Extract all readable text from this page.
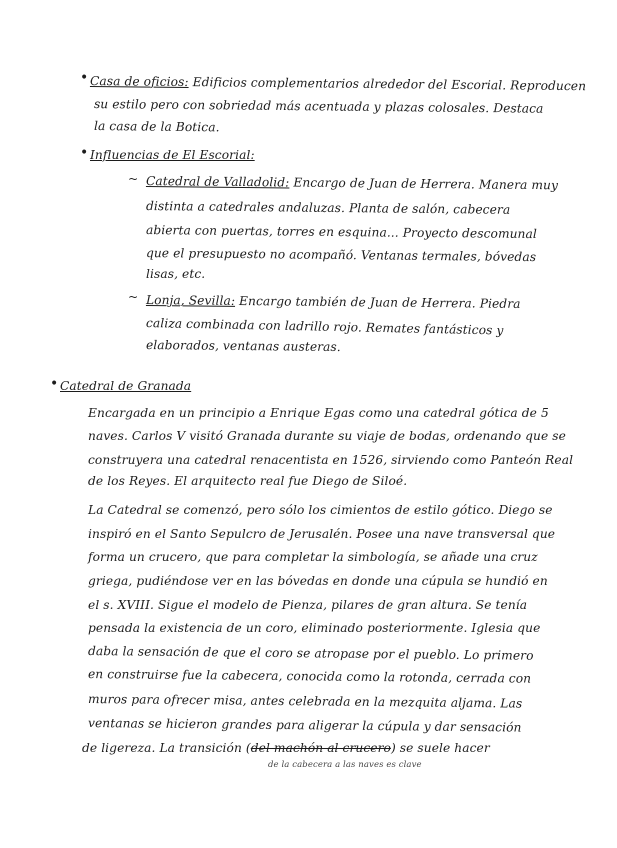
• Casa de oficios: Edificios complementarios alrededor del Escorial. Reproducen
su estilo pero con sobriedad más acentuada y plazas colosales. Destaca
la casa de la Botica.
• Influencias de El Escorial:
~ Catedral de Valladolid: Encargo de Juan de Herrera. Manera muy
distinta a catedrales andaluzas. Planta de salón, cabecera
abierta con puertas, torres en esquina... Proyecto descomunal
que el presupuesto no acompañó. Ventanas termales, bóvedas
lisas, etc.
~ Lonja, Sevilla: Encargo también de Juan de Herrera. Piedra
caliza combinada con ladrillo rojo. Remates fantásticos y
elaborados, ventanas austeras.
• Catedral de Granada
Encargada en un principio a Enrique Egas como una catedral gótica de 5
naves. Carlos V visitó Granada durante su viaje de bodas, ordenando que se
construyera una catedral renacentista en 1526, sirviendo como Panteón Real
de los Reyes. El arquitecto real fue Diego de Siloé.
La Catedral se comenzó, pero sólo los cimientos de estilo gótico. Diego se
inspiró en el Santo Sepulcro de Jerusalén. Posee una nave transversal que
forma un crucero, que para completar la simbología, se añade una cruz
griega, pudiéndose ver en las bóvedas en donde una cúpula se hundió en
el s. XVIII. Sigue el modelo de Pienza, pilares de gran altura. Se tenía
pensada la existencia de un coro, eliminado posteriormente. Iglesia que
daba la sensación de que el coro se atropase por el pueblo. Lo primero
en construirse fue la cabecera, conocida como la rotonda, cerrada con
muros para ofrecer misa, antes celebrada en la mezquita aljama. Las
ventanas se hicieron grandes para aligerar la cúpula y dar sensación
de ligereza. La transición (del machón al crucero) se suele hacer
de la cabecera a las naves es clave
